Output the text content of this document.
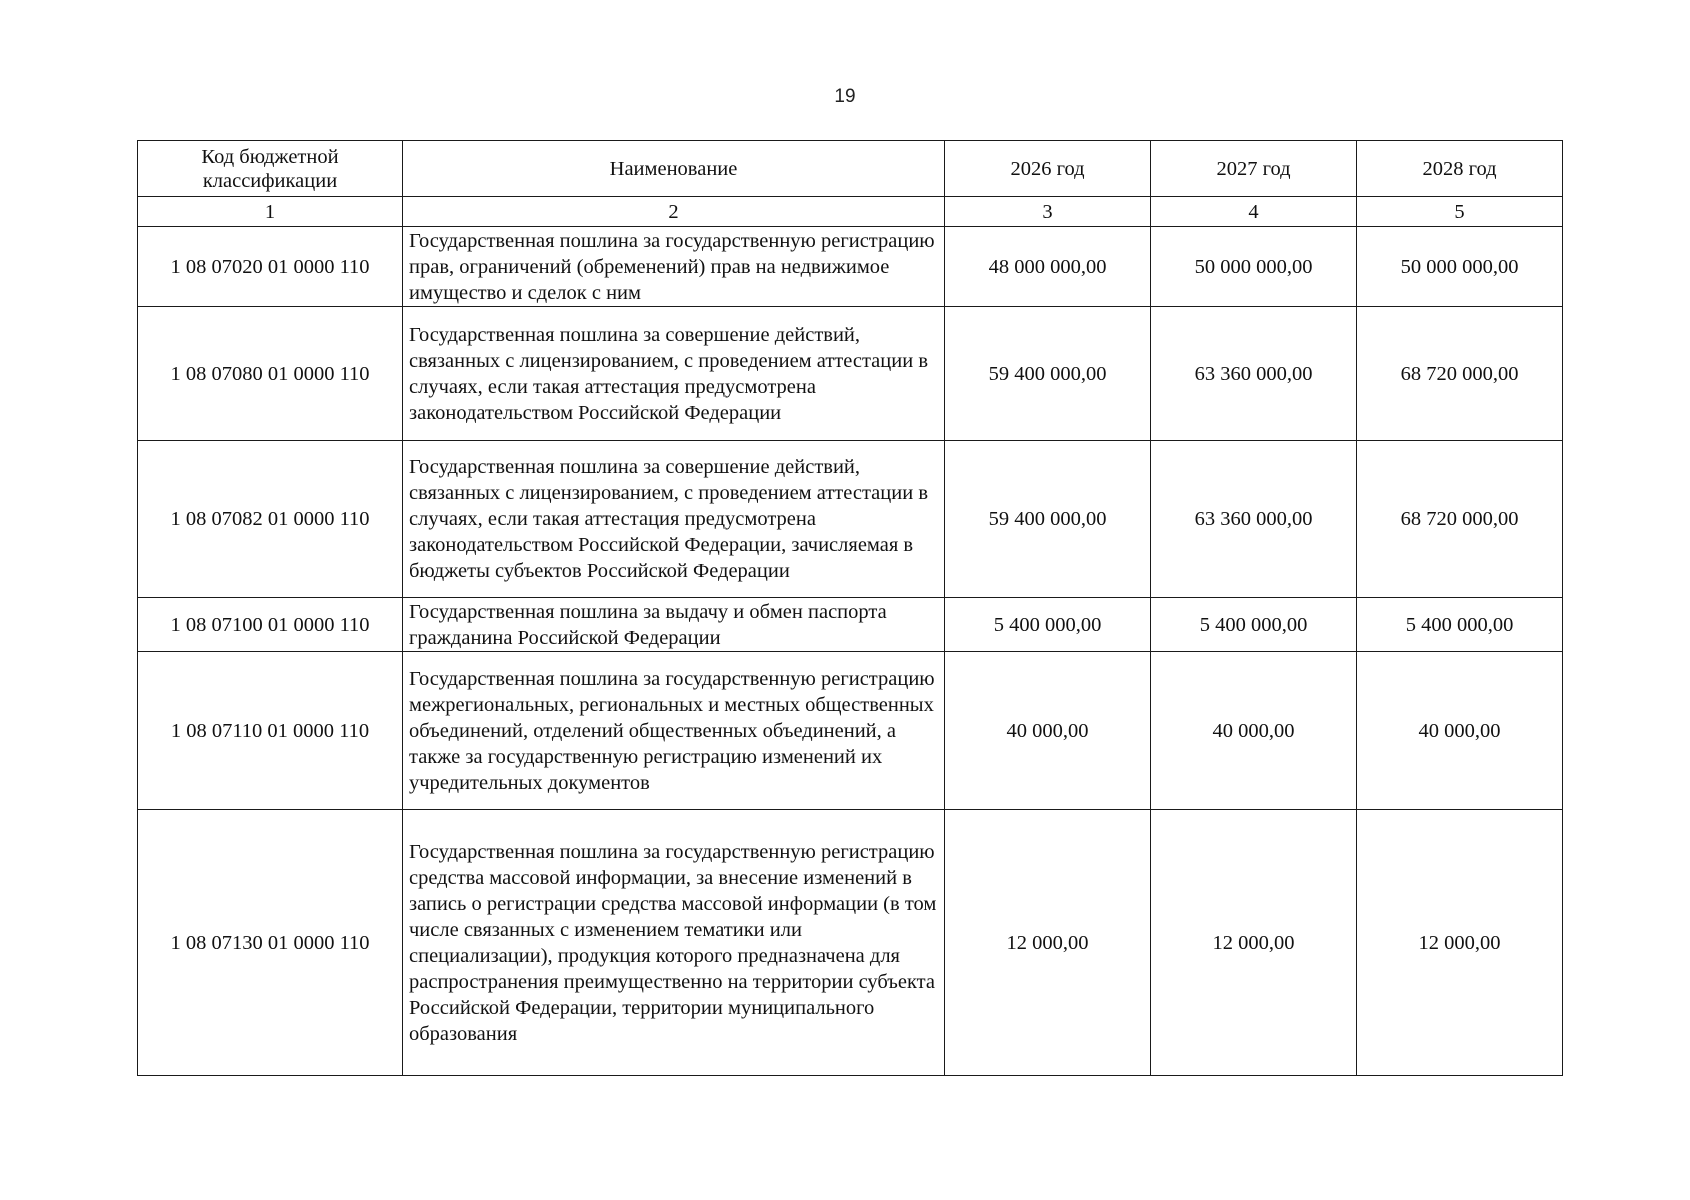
19
Код бюджетной классификации	Наименование	2026 год	2027 год	2028 год
1	2	3	4	5
1 08 07020 01 0000 110	Государственная пошлина за государственную регистрацию прав, ограничений (обременений) прав на недвижимое имущество и сделок с ним	48 000 000,00	50 000 000,00	50 000 000,00
1 08 07080 01 0000 110	Государственная пошлина за совершение действий, связанных с лицензированием, с проведением аттестации в случаях, если такая аттестация предусмотрена законодательством Российской Федерации	59 400 000,00	63 360 000,00	68 720 000,00
1 08 07082 01 0000 110	Государственная пошлина за совершение действий, связанных с лицензированием, с проведением аттестации в случаях, если такая аттестация предусмотрена законодательством Российской Федерации, зачисляемая в бюджеты субъектов Российской Федерации	59 400 000,00	63 360 000,00	68 720 000,00
1 08 07100 01 0000 110	Государственная пошлина за выдачу и обмен паспорта гражданина Российской Федерации	5 400 000,00	5 400 000,00	5 400 000,00
1 08 07110 01 0000 110	Государственная пошлина за государственную регистрацию межрегиональных, региональных и местных общественных объединений, отделений общественных объединений, а также за государственную регистрацию изменений их учредительных документов	40 000,00	40 000,00	40 000,00
1 08 07130 01 0000 110	Государственная пошлина за государственную регистрацию средства массовой информации, за внесение изменений в запись о регистрации средства массовой информации (в том числе связанных с изменением тематики или специализации), продукция которого предназначена для распространения преимущественно на территории субъекта Российской Федерации, территории муниципального образования	12 000,00	12 000,00	12 000,00
